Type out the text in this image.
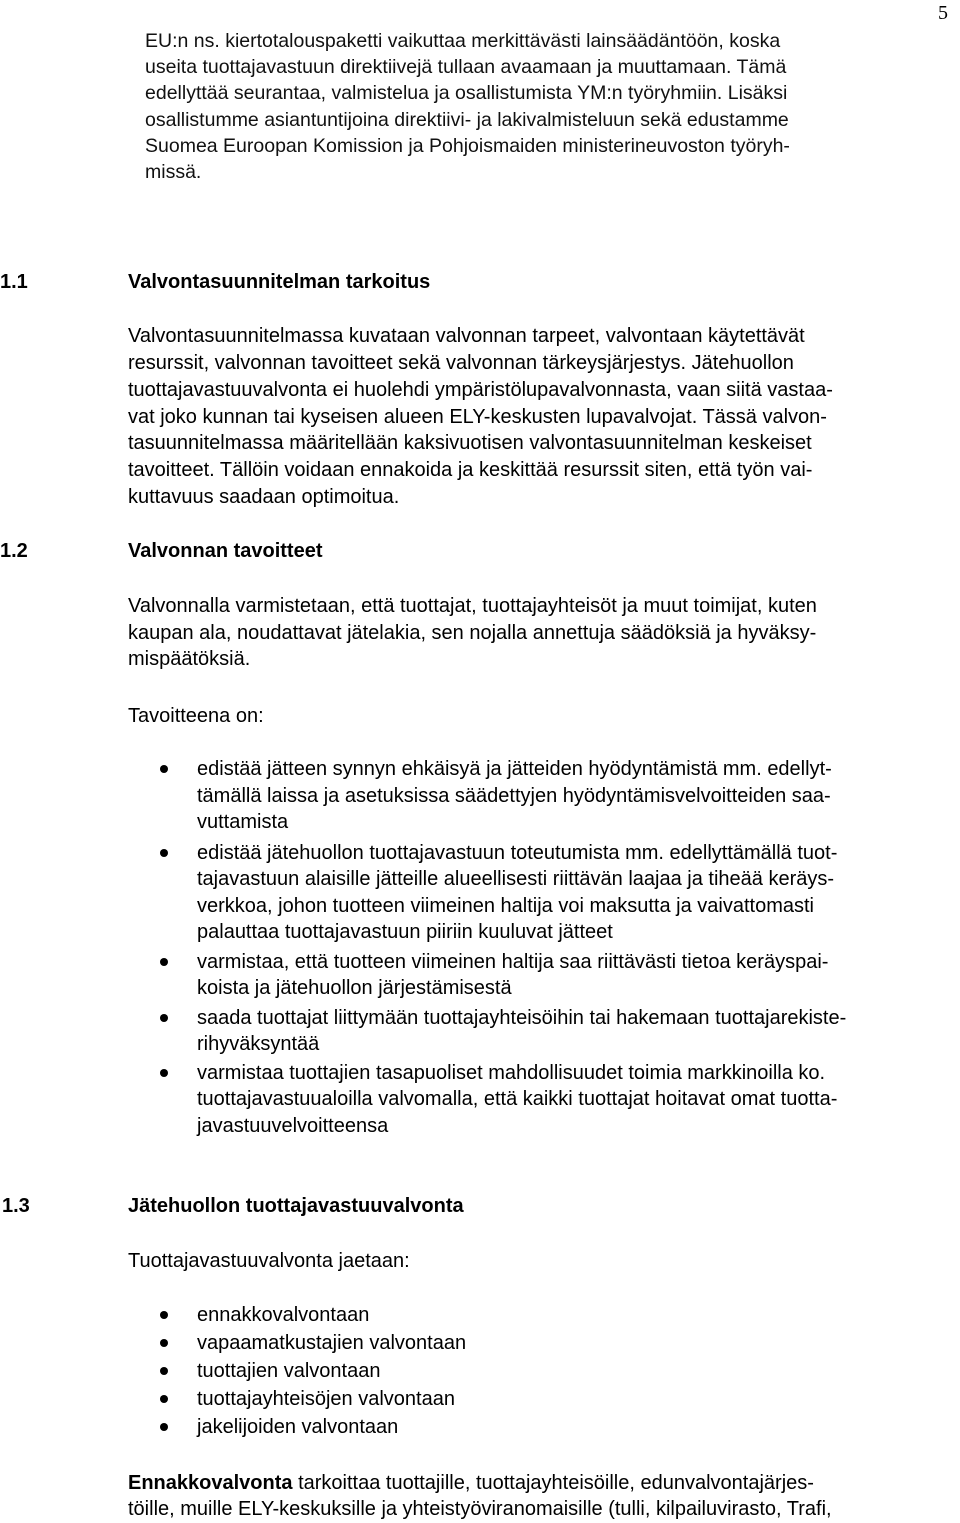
5
EU:n ns. kiertotalouspaketti vaikuttaa merkittävästi lainsäädäntöön, koska
useita tuottajavastuun direktiivejä tullaan avaamaan ja muuttamaan. Tämä
edellyttää seurantaa, valmistelua ja osallistumista YM:n työryhmiin. Lisäksi
osallistumme asiantuntijoina direktiivi- ja lakivalmisteluun sekä edustamme
Suomea Euroopan Komission ja Pohjoismaiden ministerineuvoston työryh-
missä.
1.1	Valvontasuunnitelman tarkoitus
Valvontasuunnitelmassa kuvataan valvonnan tarpeet, valvontaan käytettävät
resurssit, valvonnan tavoitteet sekä valvonnan tärkeysjärjestys. Jätehuollon
tuottajavastuuvalvonta ei huolehdi ympäristölupavalvonnasta, vaan siitä vastaa-
vat joko kunnan tai kyseisen alueen ELY-keskusten lupavalvojat. Tässä valvon-
tasuunnitelmassa määritellään kaksivuotisen valvontasuunnitelman keskeiset
tavoitteet. Tällöin voidaan ennakoida ja keskittää resurssit siten, että työn vai-
kuttavuus saadaan optimoitua.
1.2	Valvonnan tavoitteet
Valvonnalla varmistetaan, että tuottajat, tuottajayhteisöt ja muut toimijat, kuten
kaupan ala, noudattavat jätelakia, sen nojalla annettuja säädöksiä ja hyväksy-
mispäätöksiä.
Tavoitteena on:
edistää jätteen synnyn ehkäisyä ja jätteiden hyödyntämistä mm. edellyt-
tämällä laissa ja asetuksissa säädettyjen hyödyntämisvelvoitteiden saa-
vuttamista
edistää jätehuollon tuottajavastuun toteutumista mm. edellyttämällä tuot-
tajavastuun alaisille jätteille alueellisesti riittävän laajaa ja tiheää keräys-
verkkoa, johon tuotteen viimeinen haltija voi maksutta ja vaivattomasti
palauttaa tuottajavastuun piiriin kuuluvat jätteet
varmistaa, että tuotteen viimeinen haltija saa riittävästi tietoa keräyspai-
koista ja jätehuollon järjestämisestä
saada tuottajat liittymään tuottajayhteisöihin tai hakemaan tuottajarekiste-
rihyväksyntää
varmistaa tuottajien tasapuoliset mahdollisuudet toimia markkinoilla ko.
tuottajavastuualoilla valvomalla, että kaikki tuottajat hoitavat omat tuotta-
javastuuvelvoitteensa
1.3	Jätehuollon tuottajavastuuvalvonta
Tuottajavastuuvalvonta jaetaan:
ennakkovalvontaan
vapaamatkustajien valvontaan
tuottajien valvontaan
tuottajayhteisöjen valvontaan
jakelijoiden valvontaan
Ennakkovalvonta tarkoittaa tuottajille, tuottajayhteisöille, edunvalvontajärjes-
töille, muille ELY-keskuksille ja yhteistyöviranomaisille (tulli, kilpailuvirasto, Trafi,
